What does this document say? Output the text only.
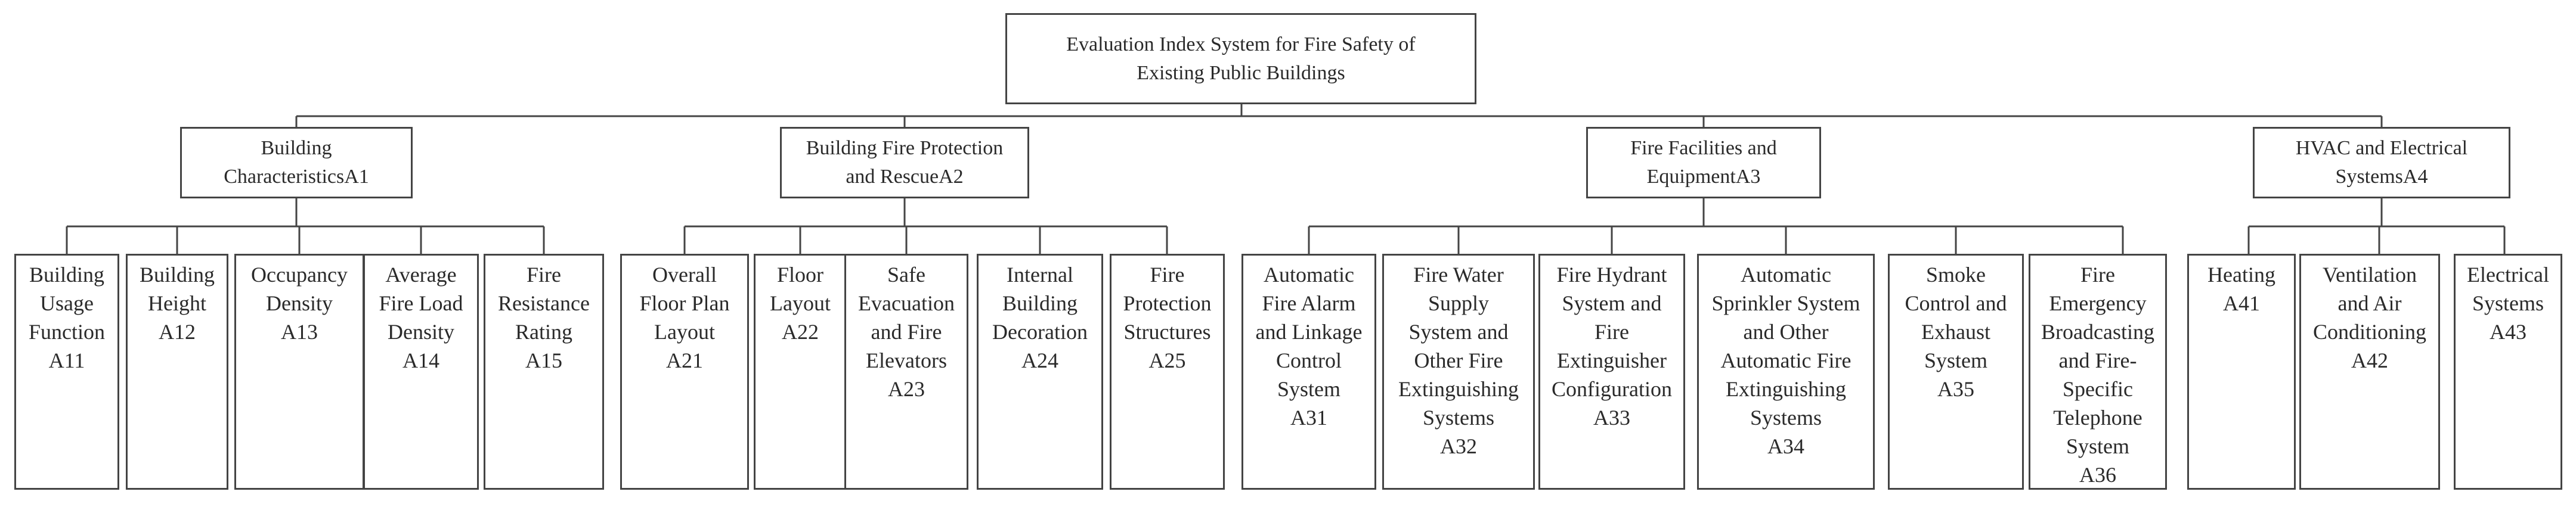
Evaluation Index System for Fire Safety of
Existing Public Buildings
Building
CharacteristicsA1
Building Fire Protection
and RescueA2
Fire Facilities and
EquipmentA3
HVAC and Electrical
SystemsA4
Building
Usage
Function
A11
Building
Height
A12
Occupancy
Density
A13
Average
Fire Load
Density
A14
Fire
Resistance
Rating
A15
Overall
Floor Plan
Layout
A21
Floor
Layout
A22
Safe
Evacuation
and Fire
Elevators
A23
Internal
Building
Decoration
A24
Fire
Protection
Structures
A25
Automatic
Fire Alarm
and Linkage
Control
System
A31
Fire Water
Supply
System and
Other Fire
Extinguishing
Systems
A32
Fire Hydrant
System and
Fire
Extinguisher
Configuration
A33
Automatic
Sprinkler System
and Other
Automatic Fire
Extinguishing
Systems
A34
Smoke
Control and
Exhaust
System
A35
Fire
Emergency
Broadcasting
and Fire-
Specific
Telephone
System
A36
Heating
A41
Ventilation
and Air
Conditioning
A42
Electrical
Systems
A43
